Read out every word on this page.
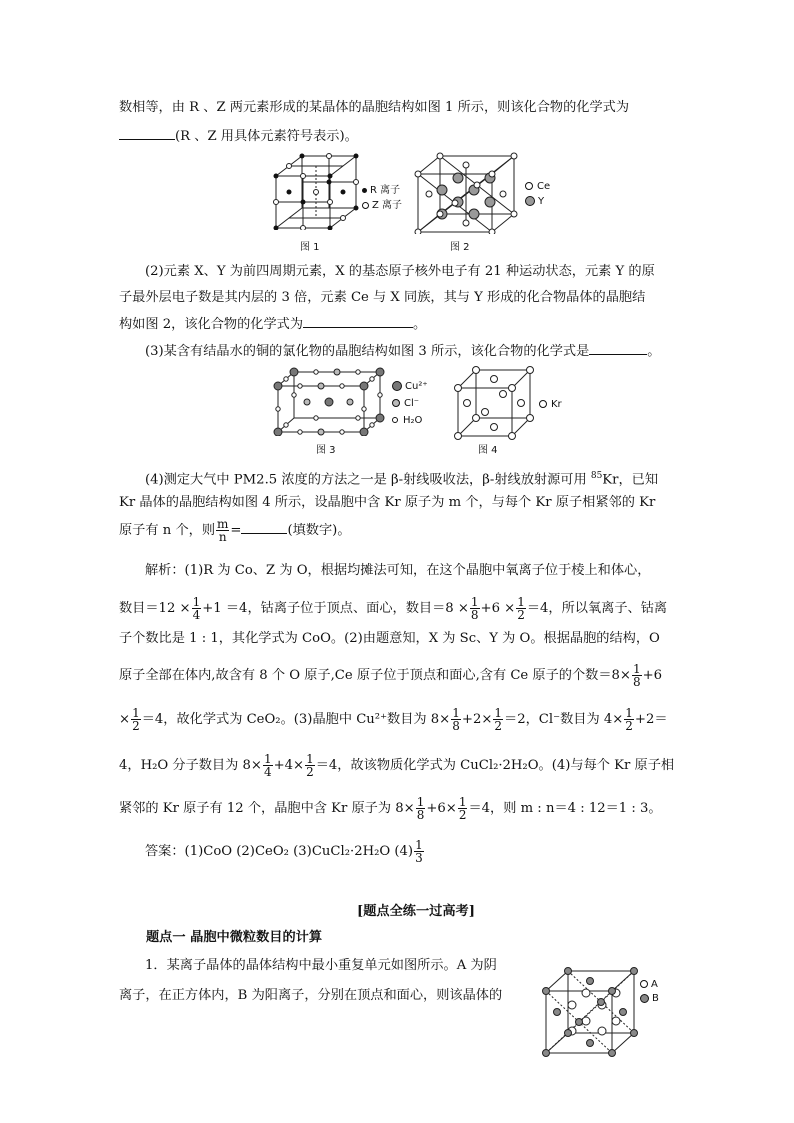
数相等，由 R 、Z 两元素形成的某晶体的晶胞结构如图 1 所示，则该化合物的化学式为
(R 、Z 用具体元素符号表示)。
R 离子
Z 离子
图 1
Ce
Y
图 2
(2)元素 X、Y 为前四周期元素，X 的基态原子核外电子有 21 种运动状态，元素 Y 的原
子最外层电子数是其内层的 3 倍，元素 Ce 与 X 同族，其与 Y 形成的化合物晶体的晶胞结
构如图 2，该化合物的化学式为	。
(3)某含有结晶水的铜的氯化物的晶胞结构如图 3 所示，该化合物的化学式是	。
Cu²⁺
Cl⁻
H₂O
图 3
Kr
图 4
(4)测定大气中 PM2.5 浓度的方法之一是 β-射线吸收法，β-射线放射源可用 $^{85}$Kr，已知
Kr 晶体的晶胞结构如图 4 所示，设晶胞中含 Kr 原子为 m 个，与每个 Kr 原子相紧邻的 Kr
原子有 n 个，则 $\frac{m}{n}$ =	(填数字)。
解析：(1)R 为 Co、Z 为 O，根据均摊法可知，在这个晶胞中氧离子位于棱上和体心，
数目$=12 \times \frac{1}{4} +1 =4$，钴离子位于顶点、面心，数目$=8 \times \frac{1}{8} +6 \times \frac{1}{2} =4$，所以氧离子、钴离
子个数比是 1 : 1，其化学式为 CoO。(2)由题意知，X 为 Sc、Y 为 O。根据晶胞的结构，O
原子全部在体内,故含有 8 个 O 原子,Ce 原子位于顶点和面心,含有 Ce 原子的个数$=8\times \frac{1}{8} +6$
× $\frac{1}{2} =4$，故化学式为 CeO₂。(3)晶胞中 Cu²⁺数目为 $8\times \frac{1}{8} +2\times \frac{1}{2} =2$，Cl⁻数目为 $4\times \frac{1}{2} +2=$
4，H₂O 分子数目为 $8\times \frac{1}{4} +4\times \frac{1}{2} =4$，故该物质化学式为 CuCl₂·2H₂O。(4)与每个 Kr 原子相
紧邻的 Kr 原子有 12 个，晶胞中含 Kr 原子为 $8\times \frac{1}{8} +6\times \frac{1}{2} =4$，则 m : n＝4 : 12＝1 : 3。
答案：(1)CoO (2)CeO₂ (3)CuCl₂·2H₂O $(4) \frac{1}{3}$
[题点全练一过高考]
题点一 晶胞中微粒数目的计算
1．某离子晶体的晶体结构中最小重复单元如图所示。A 为阴
离子，在正方体内，B 为阳离子，分别在顶点和面心，则该晶体的
A
B
